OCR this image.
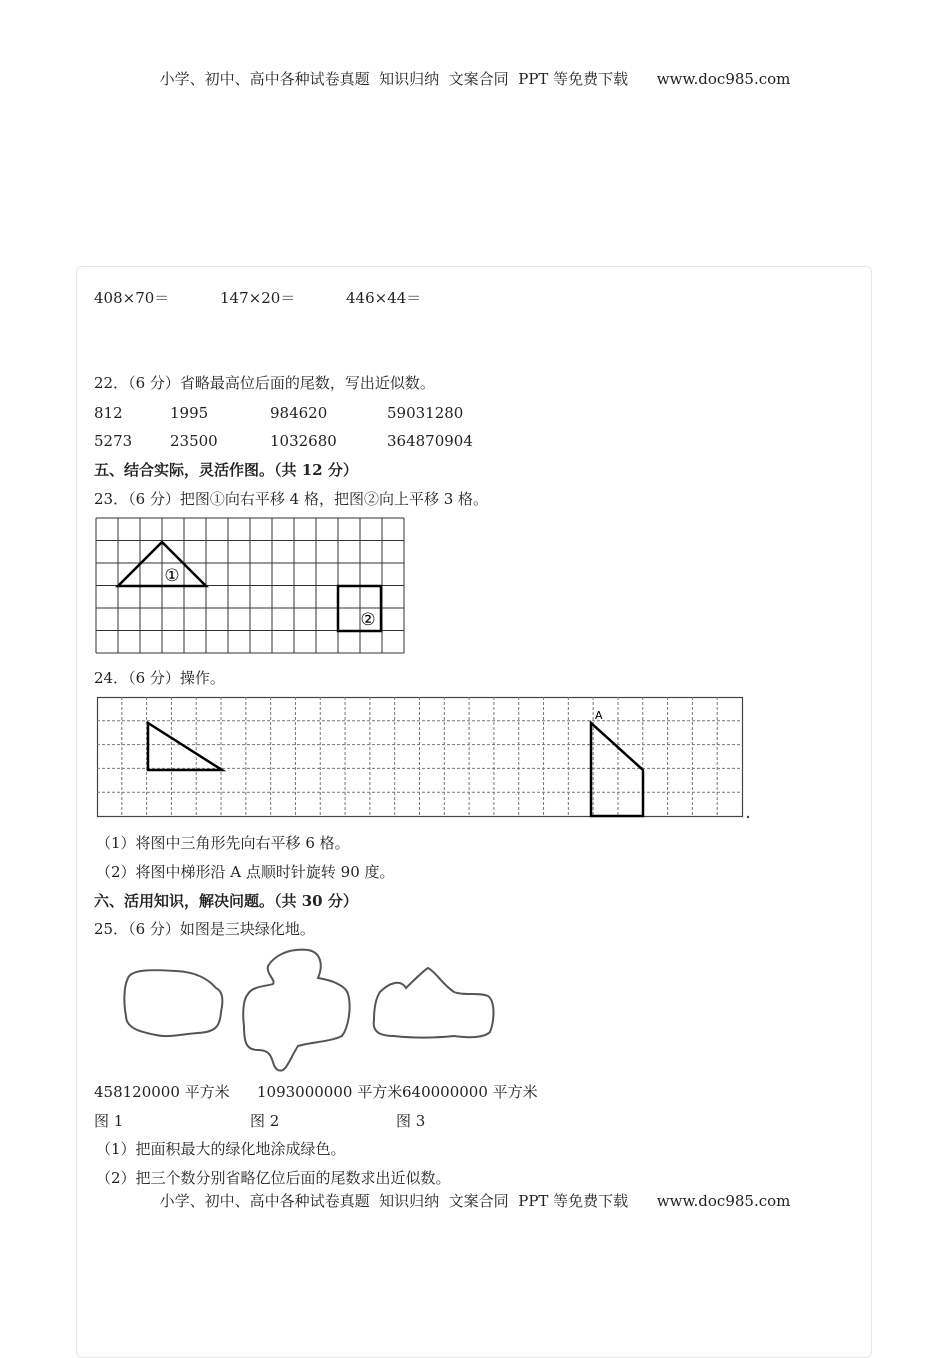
小学、初中、高中各种试卷真题  知识归纳  文案合同  PPT 等免费下载      www.doc985.com
408×70＝	147×20＝	446×44＝
22．（6 分）省略最高位后面的尾数，写出近似数。
812	1995	984620	59031280
5273	23500	1032680	364870904
五、结合实际，灵活作图。（共 12 分）
23．（6 分）把图①向右平移 4 格，把图②向上平移 3 格。
①
②
24．（6 分）操作。
A
（1）将图中三角形先向右平移 6 格。
（2）将图中梯形沿 A 点顺时针旋转 90 度。
六、活用知识，解决问题。（共 30 分）
25．（6 分）如图是三块绿化地。
458120000 平方米 1093000000 平方米 640000000 平方米
图 1	图 2	图 3
（1）把面积最大的绿化地涂成绿色。
（2）把三个数分别省略亿位后面的尾数求出近似数。
小学、初中、高中各种试卷真题  知识归纳  文案合同  PPT 等免费下载      www.doc985.com
